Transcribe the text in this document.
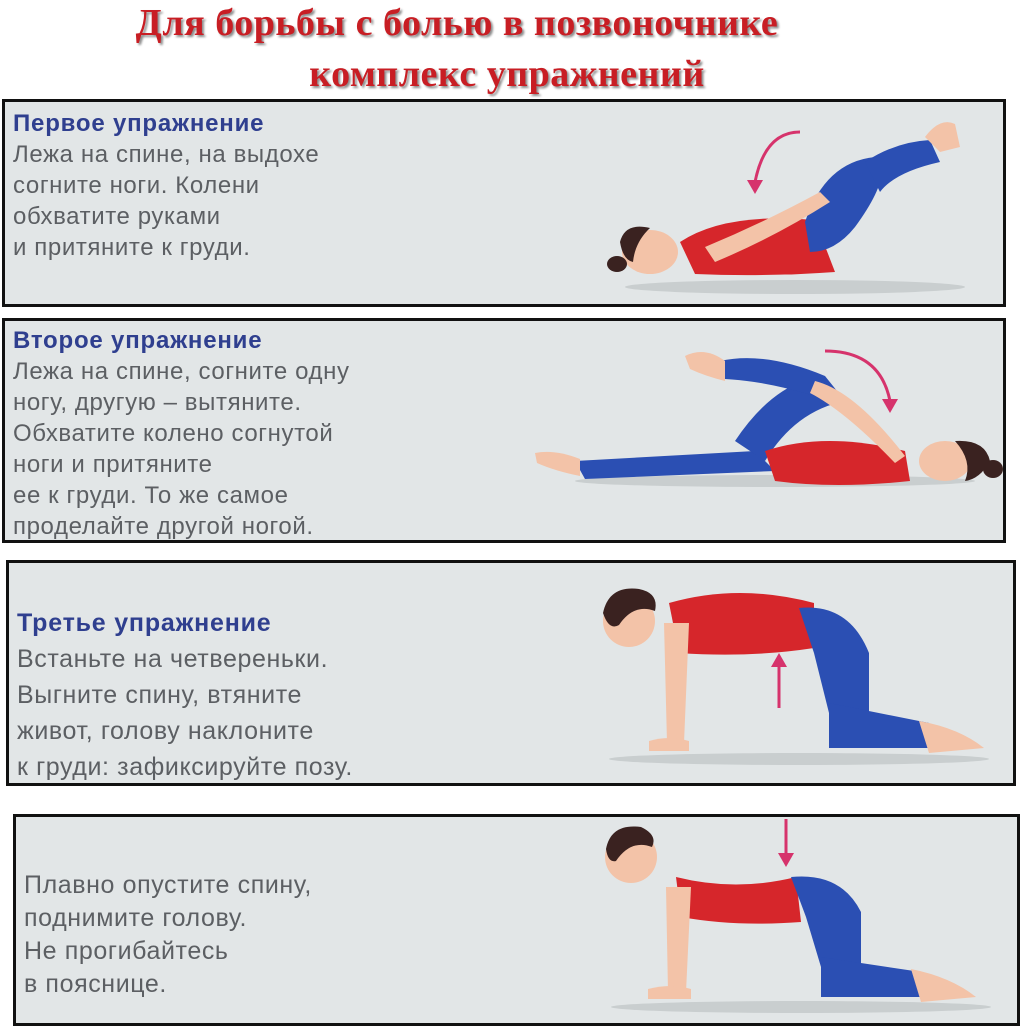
Для борьбы с болью в позвоночнике
комплекс упражнений
Первое упражнение
Лежа на спине, на выдохе
согните ноги. Колени
обхватите руками
и притяните к груди.
Второе упражнение
Лежа на спине, согните одну
ногу, другую – вытяните.
Обхватите колено согнутой
ноги и притяните
ее к груди. То же самое
проделайте другой ногой.
Третье упражнение
Встаньте на четвереньки.
Выгните спину, втяните
живот, голову наклоните
к груди: зафиксируйте позу.
Плавно опустите спину,
поднимите голову.
Не прогибайтесь
в пояснице.
